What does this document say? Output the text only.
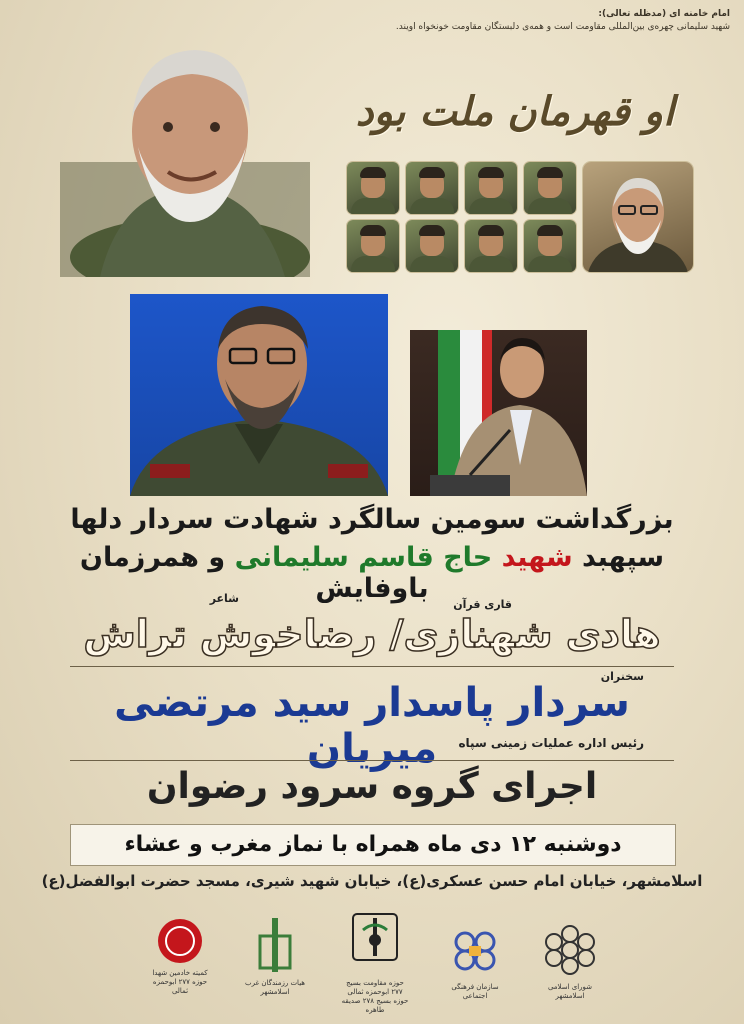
امام خامنه ای (مدظله تعالی):
شهید سلیمانی چهره‌ی بین‌المللی مقاومت است و همه‌ی دلبستگان مقاومت خونخواه او‌یند.
او قهرمان ملت بود
بزرگداشت سومین سالگرد شهادت سردار دلها
سپهبد شهید حاج قاسم سلیمانی و همرزمان باوفایش
شاعر	قاری قرآن
هادی شهنازی/ رضاخوش تراش
سخنران
سردار پاسدار سید مرتضی میریان	رئیس اداره عملیات زمینی سپاه
اجرای گروه سرود رضوان
دوشنبه ۱۲ دی ماه همراه با نماز مغرب و عشاء
اسلامشهر، خیابان امام حسن عسکری(ع)، خیابان شهید شیری، مسجد حضرت ابوالفضل(ع)
شورای اسلامی اسلامشهر
سازمان فرهنگی اجتماعی
حوزه مقاومت بسیج ۲۷۷ ابوحمزه ثمالی حوزه بسیج ۲۷۸ صدیقه طاهره
هیات رزمندگان غرب اسلامشهر
کمیته خادمین شهدا حوزه ۲۷۷ ابوحمزه ثمالی
